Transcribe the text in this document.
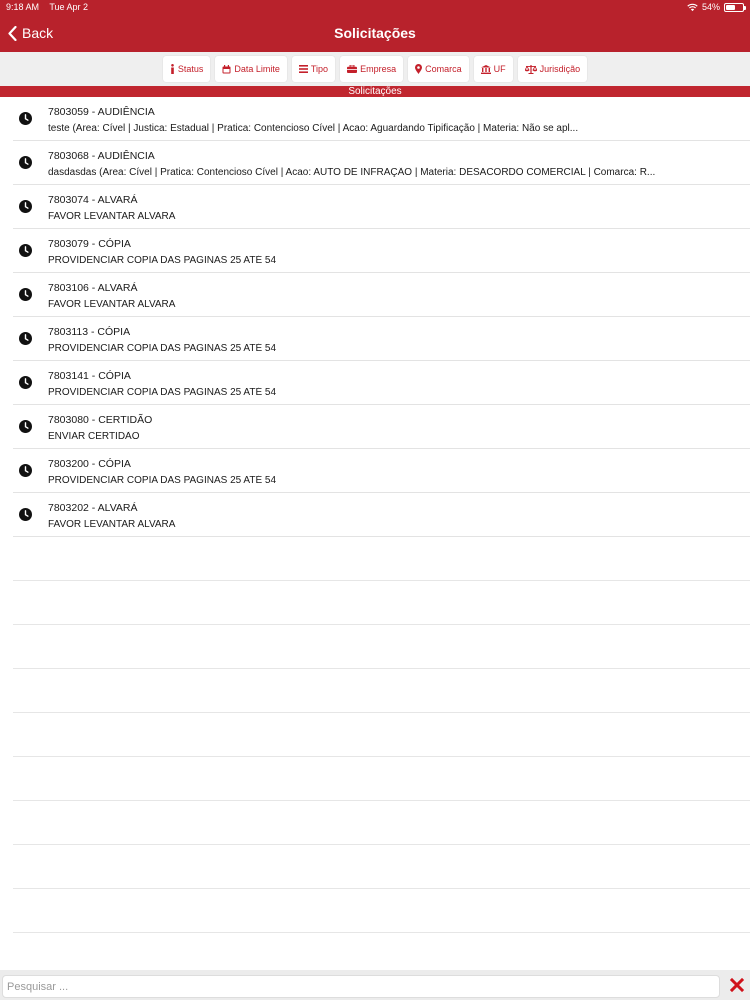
9:18 AM Tue Apr 2	54%
Back	Solicitações
Status	Data Limite	Tipo	Empresa	Comarca	UF	Jurisdição
Solicitações
7803059 - AUDIÊNCIA
teste (Area: Cível | Justica: Estadual | Pratica: Contencioso Cível | Acao: Aguardando Tipificação | Materia: Não se apl...
7803068 - AUDIÊNCIA
dasdasdas (Area: Cível | Pratica: Contencioso Cível | Acao: AUTO DE INFRAÇÃO | Materia: DESACORDO COMERCIAL | Comarca: R...
7803074 - ALVARÁ
FAVOR LEVANTAR ALVARA
7803079 - CÓPIA
PROVIDENCIAR COPIA DAS PAGINAS 25 ATÉ 54
7803106 - ALVARÁ
FAVOR LEVANTAR ALVARA
7803113 - CÓPIA
PROVIDENCIAR COPIA DAS PAGINAS 25 ATÉ 54
7803141 - CÓPIA
PROVIDENCIAR COPIA DAS PAGINAS 25 ATÉ 54
7803080 - CERTIDÃO
ENVIAR CERTIDÃO
7803200 - CÓPIA
PROVIDENCIAR COPIA DAS PAGINAS 25 ATÉ 54
7803202 - ALVARÁ
FAVOR LEVANTAR ALVARA
Pesquisar ...
